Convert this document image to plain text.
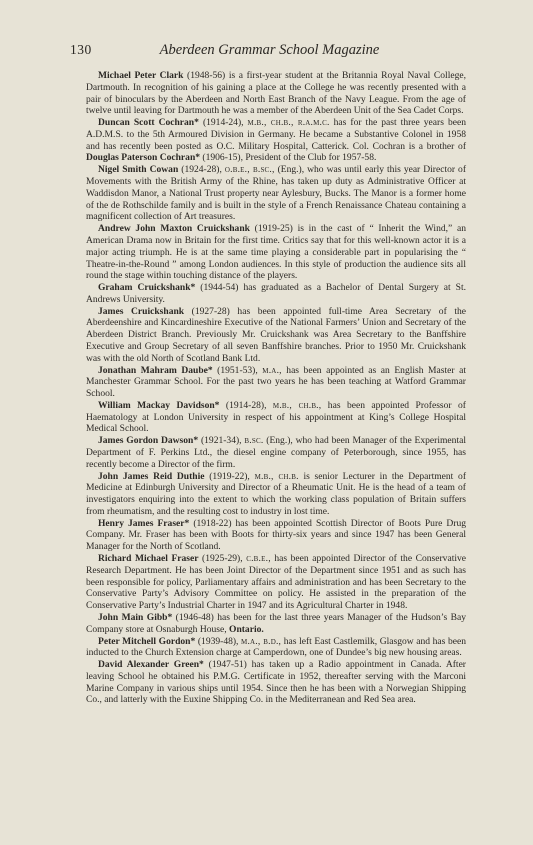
130	Aberdeen Grammar School Magazine

Michael Peter Clark (1948-56) is a first-year student at the Britannia Royal Naval College, Dartmouth. In recognition of his gaining a place at the College he was recently presented with a pair of binoculars by the Aberdeen and North East Branch of the Navy League. From the age of twelve until leaving for Dartmouth he was a member of the Aberdeen Unit of the Sea Cadet Corps.

Duncan Scott Cochran* (1914-24), m.b., ch.b., r.a.m.c. has for the past three years been A.D.M.S. to the 5th Armoured Division in Germany. He became a Substantive Colonel in 1958 and has recently been posted as O.C. Military Hospital, Catterick. Col. Cochran is a brother of Douglas Paterson Cochran* (1906-15), President of the Club for 1957-58.

Nigel Smith Cowan (1924-28), o.b.e., b.sc., (Eng.), who was until early this year Director of Movements with the British Army of the Rhine, has taken up duty as Administrative Officer at Waddisdon Manor, a National Trust property near Aylesbury, Bucks. The Manor is a former home of the de Rothschilde family and is built in the style of a French Renaissance Chateau containing a magnificent collection of Art treasures.

Andrew John Maxton Cruickshank (1919-25) is in the cast of “ Inherit the Wind,” an American Drama now in Britain for the first time. Critics say that for this well-known actor it is a major acting triumph. He is at the same time playing a considerable part in popularising the “ Theatre-in-the-Round ” among London audiences. In this style of production the audience sits all round the stage within touching distance of the players.

Graham Cruickshank* (1944-54) has graduated as a Bachelor of Dental Surgery at St. Andrews University.

James Cruickshank (1927-28) has been appointed full-time Area Secretary of the Aberdeenshire and Kincardineshire Executive of the National Farmers’ Union and Secretary of the Aberdeen District Branch. Previously Mr. Cruickshank was Area Secretary to the Banffshire Executive and Group Secretary of all seven Banffshire branches. Prior to 1950 Mr. Cruickshank was with the old North of Scotland Bank Ltd.

Jonathan Mahram Daube* (1951-53), m.a., has been appointed as an English Master at Manchester Grammar School. For the past two years he has been teaching at Watford Grammar School.

William Mackay Davidson* (1914-28), m.b., ch.b., has been appointed Professor of Haematology at London University in respect of his appointment at King’s College Hospital Medical School.

James Gordon Dawson* (1921-34), b.sc. (Eng.), who had been Manager of the Experimental Department of F. Perkins Ltd., the diesel engine company of Peterborough, since 1955, has recently become a Director of the firm.

John James Reid Duthie (1919-22), m.b., ch.b. is senior Lecturer in the Department of Medicine at Edinburgh University and Director of a Rheumatic Unit. He is the head of a team of investigators enquiring into the extent to which the working class population of Britain suffers from rheumatism, and the resulting cost to industry in lost time.

Henry James Fraser* (1918-22) has been appointed Scottish Director of Boots Pure Drug Company. Mr. Fraser has been with Boots for thirty-six years and since 1947 has been General Manager for the North of Scotland.

Richard Michael Fraser (1925-29), c.b.e., has been appointed Director of the Conservative Research Department. He has been Joint Director of the Department since 1951 and as such has been responsible for policy, Parliamentary affairs and administration and has been Secretary to the Conservative Party’s Advisory Committee on policy. He assisted in the preparation of the Conservative Party’s Industrial Charter in 1947 and its Agricultural Charter in 1948.

John Main Gibb* (1946-48) has been for the last three years Manager of the Hudson’s Bay Company store at Osnaburgh House, Ontario.

Peter Mitchell Gordon* (1939-48), m.a., b.d., has left East Castlemilk, Glasgow and has been inducted to the Church Extension charge at Camperdown, one of Dundee’s big new housing areas.

David Alexander Green* (1947-51) has taken up a Radio appointment in Canada. After leaving School he obtained his P.M.G. Certificate in 1952, thereafter serving with the Marconi Marine Company in various ships until 1954. Since then he has been with a Norwegian Shipping Co., and latterly with the Euxine Shipping Co. in the Mediterranean and Red Sea area.
